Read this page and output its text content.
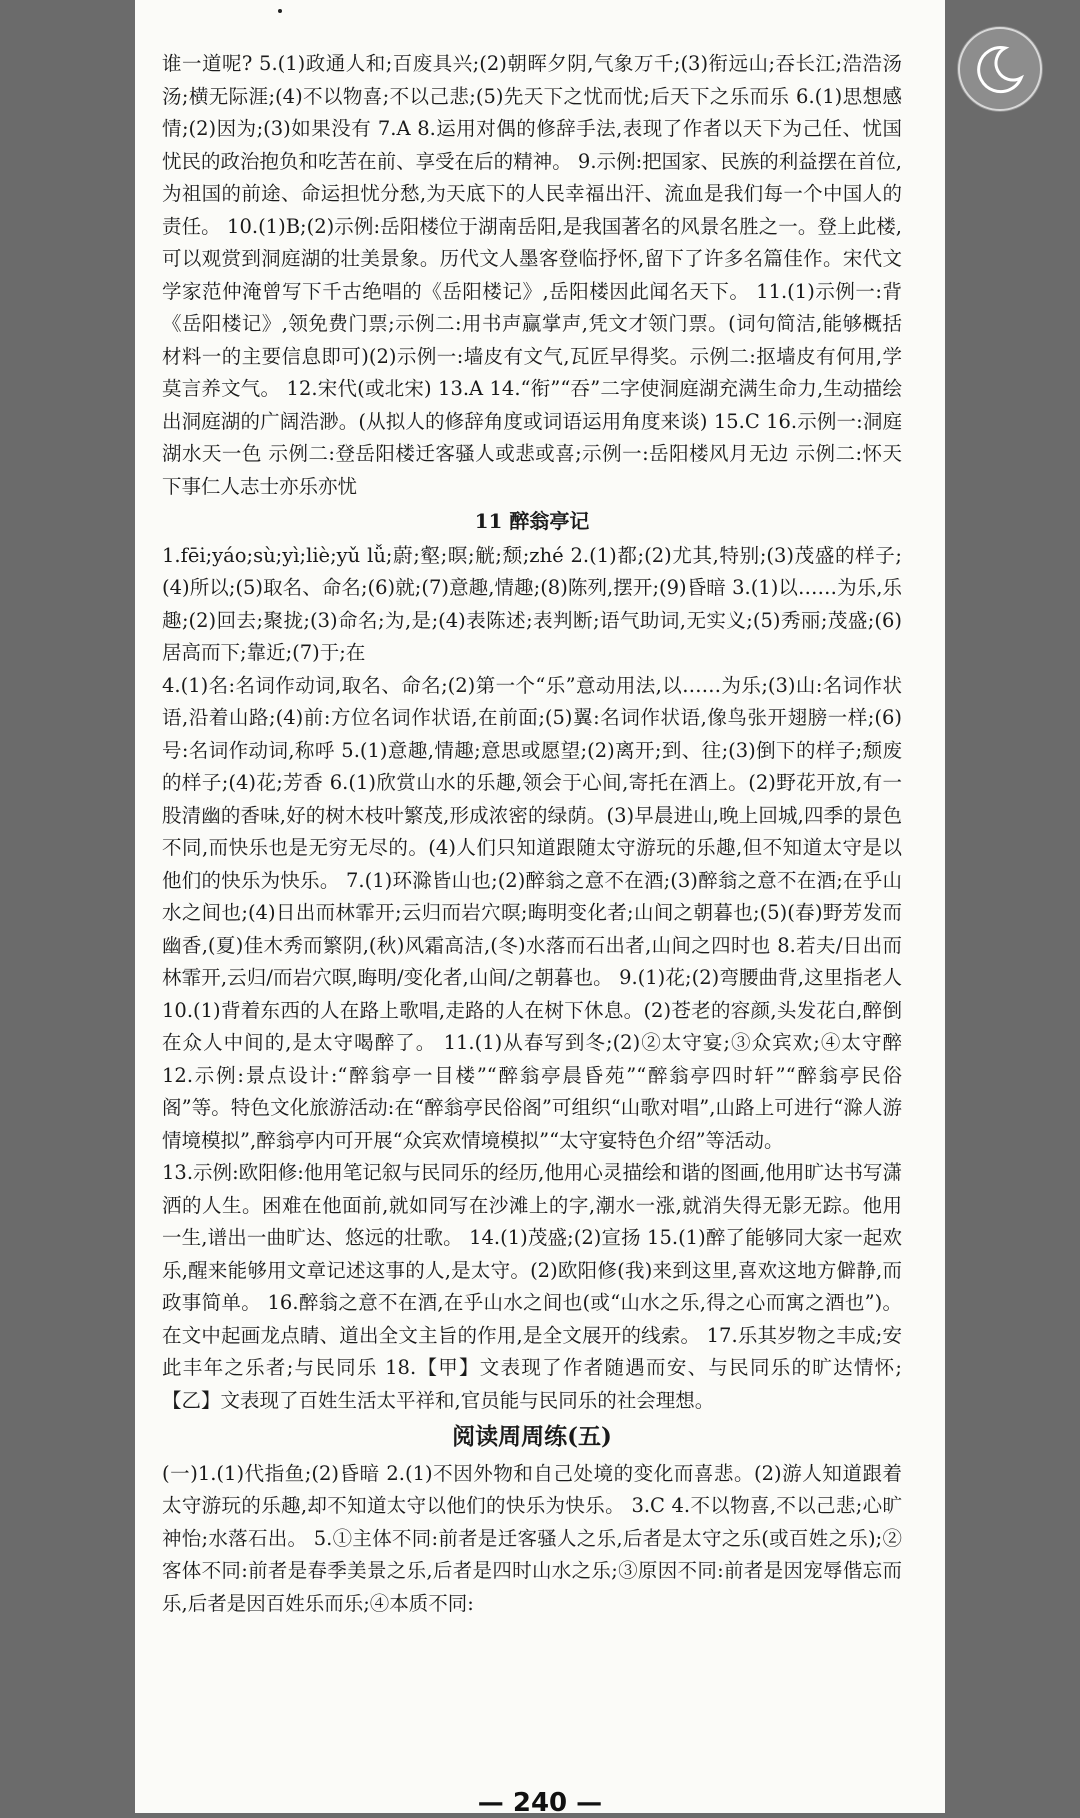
谁一道呢? 5.(1)政通人和;百废具兴;(2)朝晖夕阴,气象万千;(3)衔远山;吞长江;浩浩汤汤;横无际涯;(4)不以物喜;不以己悲;(5)先天下之忧而忧;后天下之乐而乐 6.(1)思想感情;(2)因为;(3)如果没有 7.A 8.运用对偶的修辞手法,表现了作者以天下为己任、忧国忧民的政治抱负和吃苦在前、享受在后的精神。 9.示例:把国家、民族的利益摆在首位,为祖国的前途、命运担忧分愁,为天底下的人民幸福出汗、流血是我们每一个中国人的责任。 10.(1)B;(2)示例:岳阳楼位于湖南岳阳,是我国著名的风景名胜之一。登上此楼,可以观赏到洞庭湖的壮美景象。历代文人墨客登临抒怀,留下了许多名篇佳作。宋代文学家范仲淹曾写下千古绝唱的《岳阳楼记》,岳阳楼因此闻名天下。 11.(1)示例一:背《岳阳楼记》,领免费门票;示例二:用书声赢掌声,凭文才领门票。(词句简洁,能够概括材料一的主要信息即可)(2)示例一:墙皮有文气,瓦匠早得奖。示例二:抠墙皮有何用,学莫言养文气。 12.宋代(或北宋) 13.A 14.“衔”“吞”二字使洞庭湖充满生命力,生动描绘出洞庭湖的广阔浩渺。(从拟人的修辞角度或词语运用角度来谈) 15.C 16.示例一:洞庭湖水天一色 示例二:登岳阳楼迁客骚人或悲或喜;示例一:岳阳楼风月无边 示例二:怀天下事仁人志士亦乐亦忧

11 醉翁亭记

1.fēi;yáo;sù;yì;liè;yǔ lǚ;蔚;壑;暝;觥;颓;zhé 2.(1)都;(2)尤其,特别;(3)茂盛的样子;(4)所以;(5)取名、命名;(6)就;(7)意趣,情趣;(8)陈列,摆开;(9)昏暗 3.(1)以……为乐,乐趣;(2)回去;聚拢;(3)命名;为,是;(4)表陈述;表判断;语气助词,无实义;(5)秀丽;茂盛;(6)居高而下;靠近;(7)于;在

4.(1)名:名词作动词,取名、命名;(2)第一个“乐”意动用法,以……为乐;(3)山:名词作状语,沿着山路;(4)前:方位名词作状语,在前面;(5)翼:名词作状语,像鸟张开翅膀一样;(6)号:名词作动词,称呼 5.(1)意趣,情趣;意思或愿望;(2)离开;到、往;(3)倒下的样子;颓废的样子;(4)花;芳香 6.(1)欣赏山水的乐趣,领会于心间,寄托在酒上。(2)野花开放,有一股清幽的香味,好的树木枝叶繁茂,形成浓密的绿荫。(3)早晨进山,晚上回城,四季的景色不同,而快乐也是无穷无尽的。(4)人们只知道跟随太守游玩的乐趣,但不知道太守是以他们的快乐为快乐。 7.(1)环滁皆山也;(2)醉翁之意不在酒;(3)醉翁之意不在酒;在乎山水之间也;(4)日出而林霏开;云归而岩穴暝;晦明变化者;山间之朝暮也;(5)(春)野芳发而幽香,(夏)佳木秀而繁阴,(秋)风霜高洁,(冬)水落而石出者,山间之四时也 8.若夫/日出而林霏开,云归/而岩穴暝,晦明/变化者,山间/之朝暮也。 9.(1)花;(2)弯腰曲背,这里指老人 10.(1)背着东西的人在路上歌唱,走路的人在树下休息。(2)苍老的容颜,头发花白,醉倒在众人中间的,是太守喝醉了。 11.(1)从春写到冬;(2)②太守宴;③众宾欢;④太守醉 12.示例:景点设计:“醉翁亭一目楼”“醉翁亭晨昏苑”“醉翁亭四时轩”“醉翁亭民俗阁”等。特色文化旅游活动:在“醉翁亭民俗阁”可组织“山歌对唱”,山路上可进行“滁人游情境模拟”,醉翁亭内可开展“众宾欢情境模拟”“太守宴特色介绍”等活动。

13.示例:欧阳修:他用笔记叙与民同乐的经历,他用心灵描绘和谐的图画,他用旷达书写潇洒的人生。困难在他面前,就如同写在沙滩上的字,潮水一涨,就消失得无影无踪。他用一生,谱出一曲旷达、悠远的壮歌。 14.(1)茂盛;(2)宣扬 15.(1)醉了能够同大家一起欢乐,醒来能够用文章记述这事的人,是太守。(2)欧阳修(我)来到这里,喜欢这地方僻静,而政事简单。 16.醉翁之意不在酒,在乎山水之间也(或“山水之乐,得之心而寓之酒也”)。在文中起画龙点睛、道出全文主旨的作用,是全文展开的线索。 17.乐其岁物之丰成;安此丰年之乐者;与民同乐 18.【甲】文表现了作者随遇而安、与民同乐的旷达情怀;【乙】文表现了百姓生活太平祥和,官员能与民同乐的社会理想。

阅读周周练(五)

(一)1.(1)代指鱼;(2)昏暗 2.(1)不因外物和自己处境的变化而喜悲。(2)游人知道跟着太守游玩的乐趣,却不知道太守以他们的快乐为快乐。 3.C 4.不以物喜,不以己悲;心旷神怡;水落石出。 5.①主体不同:前者是迁客骚人之乐,后者是太守之乐(或百姓之乐);②客体不同:前者是春季美景之乐,后者是四时山水之乐;③原因不同:前者是因宠辱偕忘而乐,后者是因百姓乐而乐;④本质不同:

— 240 —
